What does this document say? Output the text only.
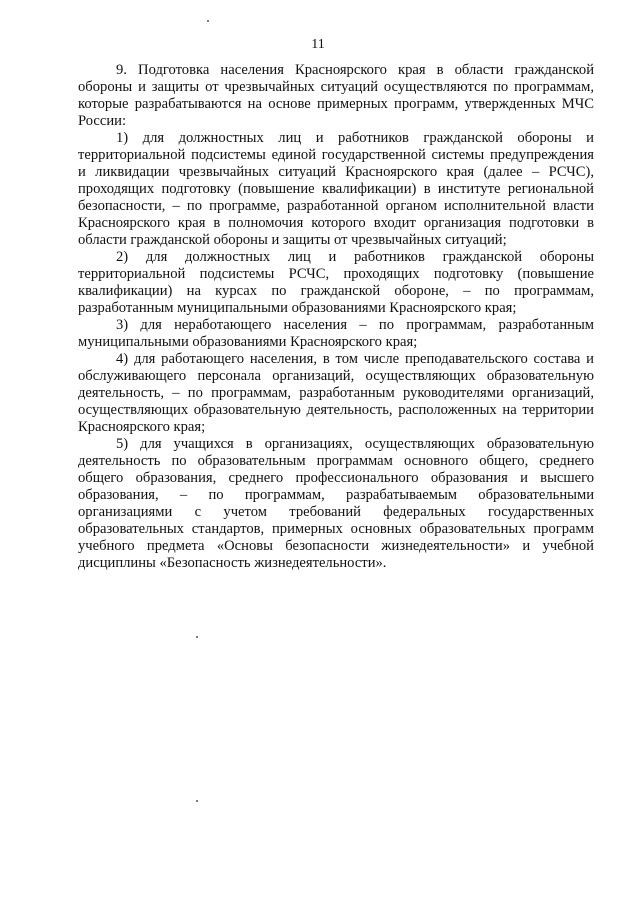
11

9. Подготовка населения Красноярского края в области гражданской обороны и защиты от чрезвычайных ситуаций осуществляются по программам, которые разрабатываются на основе примерных программ, утвержденных МЧС России:

1) для должностных лиц и работников гражданской обороны и территориальной подсистемы единой государственной системы предупреждения и ликвидации чрезвычайных ситуаций Красноярского края (далее – РСЧС), проходящих подготовку (повышение квалификации) в институте региональной безопасности, – по программе, разработанной органом исполнительной власти Красноярского края в полномочия которого входит организация подготовки в области гражданской обороны и защиты от чрезвычайных ситуаций;

2) для должностных лиц и работников гражданской обороны территориальной подсистемы РСЧС, проходящих подготовку (повышение квалификации) на курсах по гражданской обороне, – по программам, разработанным муниципальными образованиями Красноярского края;

3) для неработающего населения – по программам, разработанным муниципальными образованиями Красноярского края;

4) для работающего населения, в том числе преподавательского состава и обслуживающего персонала организаций, осуществляющих образовательную деятельность, – по программам, разработанным руководителями организаций, осуществляющих образовательную деятельность, расположенных на территории Красноярского края;

5) для учащихся в организациях, осуществляющих образовательную деятельность по образовательным программам основного общего, среднего общего образования, среднего профессионального образования и высшего образования, – по программам, разрабатываемым образовательными организациями с учетом требований федеральных государственных образовательных стандартов, примерных основных образовательных программ учебного предмета «Основы безопасности жизнедеятельности» и учебной дисциплины «Безопасность жизнедеятельности».
